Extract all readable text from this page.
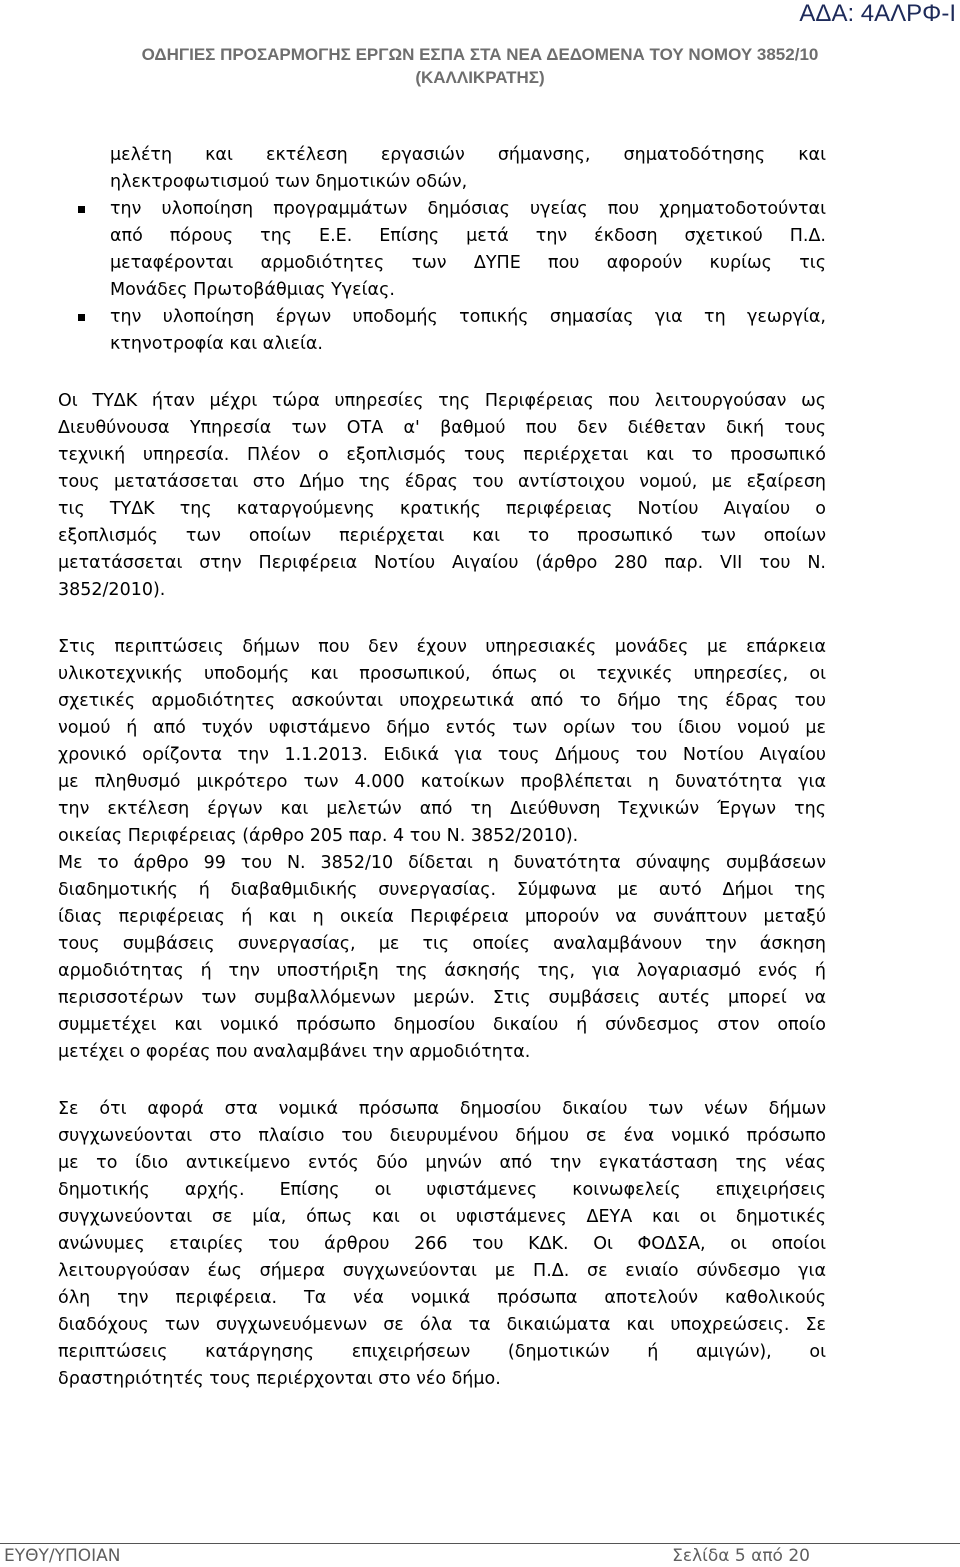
ΑΔΑ: 4ΑΛΡΦ-Ι
ΟΔΗΓΙΕΣ ΠΡΟΣΑΡΜΟΓΗΣ ΕΡΓΩΝ ΕΣΠΑ ΣΤΑ ΝΕΑ ΔΕΔΟΜΕΝΑ ΤΟΥ ΝΟΜΟΥ 3852/10
(ΚΑΛΛΙΚΡΑΤΗΣ)
μελέτη και εκτέλεση εργασιών σήμανσης, σηματοδότησης και
ηλεκτροφωτισμού των δημοτικών οδών,
την υλοποίηση προγραμμάτων δημόσιας υγείας που χρηματοδοτούνται
από πόρους της Ε.Ε. Επίσης μετά την έκδοση σχετικού Π.Δ.
μεταφέρονται αρμοδιότητες των ΔΥΠΕ που αφορούν κυρίως τις
Μονάδες Πρωτοβάθμιας Υγείας.
την υλοποίηση έργων υποδομής τοπικής σημασίας για τη γεωργία,
κτηνοτροφία και αλιεία.
Οι ΤΥΔΚ ήταν μέχρι τώρα υπηρεσίες της Περιφέρειας που λειτουργούσαν ως
Διευθύνουσα Υπηρεσία των ΟΤΑ α' βαθμού που δεν διέθεταν δική τους
τεχνική υπηρεσία. Πλέον ο εξοπλισμός τους περιέρχεται και το προσωπικό
τους μετατάσσεται στο Δήμο της έδρας του αντίστοιχου νομού, με εξαίρεση
τις ΤΥΔΚ της καταργούμενης κρατικής περιφέρειας Νοτίου Αιγαίου ο
εξοπλισμός των οποίων περιέρχεται και το προσωπικό των οποίων
μετατάσσεται στην Περιφέρεια Νοτίου Αιγαίου (άρθρο 280 παρ. VII του Ν.
3852/2010).
Στις περιπτώσεις δήμων που δεν έχουν υπηρεσιακές μονάδες με επάρκεια
υλικοτεχνικής υποδομής και προσωπικού, όπως οι τεχνικές υπηρεσίες, οι
σχετικές αρμοδιότητες ασκούνται υποχρεωτικά από το δήμο της έδρας του
νομού ή από τυχόν υφιστάμενο δήμο εντός των ορίων του ίδιου νομού με
χρονικό ορίζοντα την 1.1.2013. Ειδικά για τους Δήμους του Νοτίου Αιγαίου
με πληθυσμό μικρότερο των 4.000 κατοίκων προβλέπεται η δυνατότητα για
την εκτέλεση έργων και μελετών από τη Διεύθυνση Τεχνικών Έργων της
οικείας Περιφέρειας (άρθρο 205 παρ. 4 του Ν. 3852/2010).
Με το άρθρο 99 του Ν. 3852/10 δίδεται η δυνατότητα σύναψης συμβάσεων
διαδημοτικής ή διαβαθμιδικής συνεργασίας. Σύμφωνα με αυτό Δήμοι της
ίδιας περιφέρειας ή και η οικεία Περιφέρεια μπορούν να συνάπτουν μεταξύ
τους συμβάσεις συνεργασίας, με τις οποίες αναλαμβάνουν την άσκηση
αρμοδιότητας ή την υποστήριξη της άσκησής της, για λογαριασμό ενός ή
περισσοτέρων των συμβαλλόμενων μερών. Στις συμβάσεις αυτές μπορεί να
συμμετέχει και νομικό πρόσωπο δημοσίου δικαίου ή σύνδεσμος στον οποίο
μετέχει ο φορέας που αναλαμβάνει την αρμοδιότητα.
Σε ότι αφορά στα νομικά πρόσωπα δημοσίου δικαίου των νέων δήμων
συγχωνεύονται στο πλαίσιο του διευρυμένου δήμου σε ένα νομικό πρόσωπο
με το ίδιο αντικείμενο εντός δύο μηνών από την εγκατάσταση της νέας
δημοτικής αρχής. Επίσης οι υφιστάμενες κοινωφελείς επιχειρήσεις
συγχωνεύονται σε μία, όπως και οι υφιστάμενες ΔΕΥΑ και οι δημοτικές
ανώνυμες εταιρίες του άρθρου 266 του ΚΔΚ. Οι ΦΟΔΣΑ, οι οποίοι
λειτουργούσαν έως σήμερα συγχωνεύονται με Π.Δ. σε ενιαίο σύνδεσμο για
όλη την περιφέρεια. Τα νέα νομικά πρόσωπα αποτελούν καθολικούς
διαδόχους των συγχωνευόμενων σε όλα τα δικαιώματα και υποχρεώσεις. Σε
περιπτώσεις κατάργησης επιχειρήσεων (δημοτικών ή αμιγών), οι
δραστηριότητές τους περιέρχονται στο νέο δήμο.
ΕΥΘΥ/ΥΠΟΙΑΝ	Σελίδα 5 από 20
